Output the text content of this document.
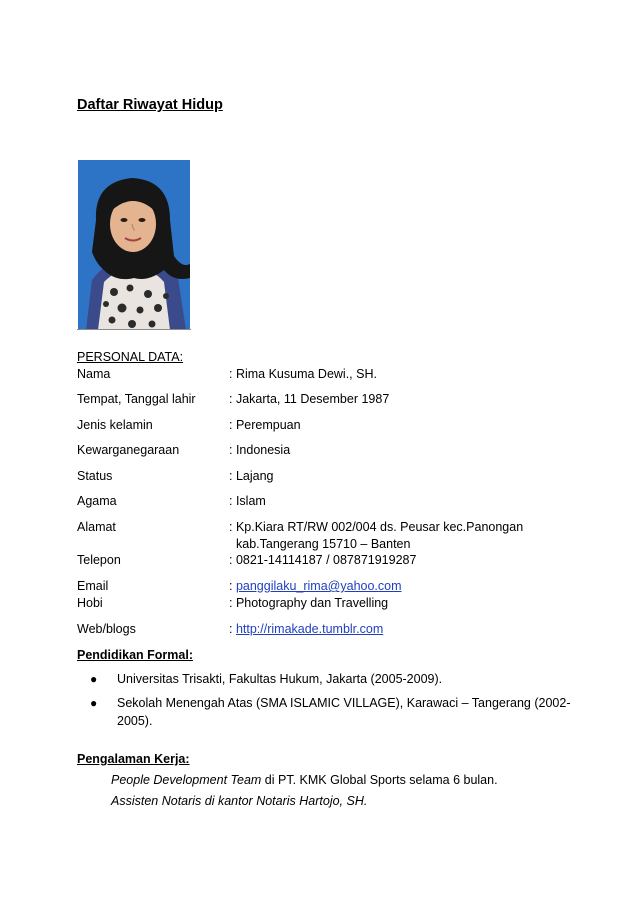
Daftar Riwayat Hidup
PERSONAL DATA:
Nama	: Rima Kusuma Dewi., SH.
Tempat, Tanggal lahir	: Jakarta, 11 Desember 1987
Jenis kelamin	: Perempuan
Kewarganegaraan	: Indonesia
Status	: Lajang
Agama	: Islam
Alamat	: Kp.Kiara RT/RW 002/004 ds. Peusar kec.Panongan
kab.Tangerang 15710 – Banten
Telepon	: 0821-14114187 / 087871919287
Email	: panggilaku_rima@yahoo.com
Hobi	: Photography dan Travelling
Web/blogs	: http://rimakade.tumblr.com
Pendidikan Formal:
● Universitas Trisakti, Fakultas Hukum, Jakarta (2005-2009).
● Sekolah Menengah Atas (SMA ISLAMIC VILLAGE), Karawaci – Tangerang (2002-
2005).
Pengalaman Kerja:
People Development Team di PT. KMK Global Sports selama 6 bulan.
Assisten Notaris di kantor Notaris Hartojo, SH.
